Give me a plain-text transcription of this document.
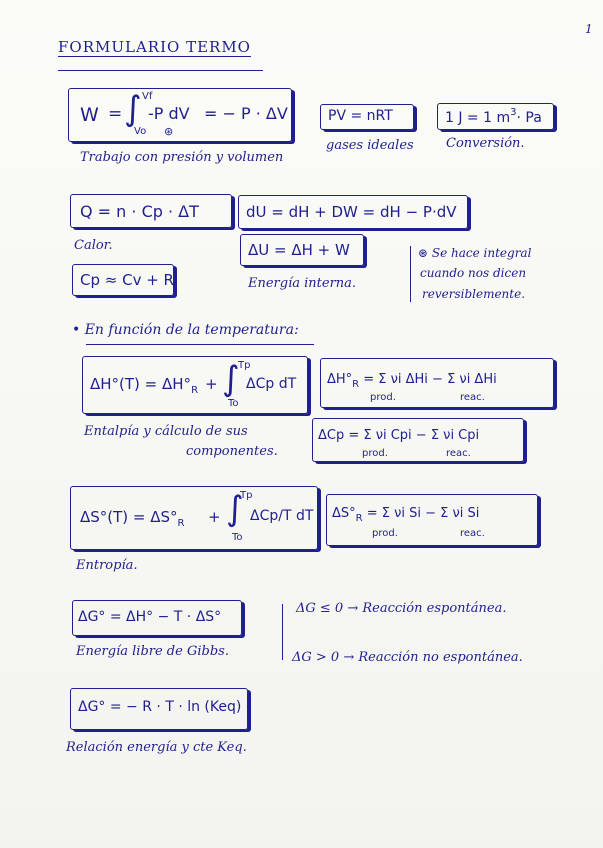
1
FORMULARIO TERMO
W = ∫ Vf
Vo
-P dV
⊛
= − P · ΔV
Trabajo con presión y volumen
PV = nRT
gases ideales
1 J = 1 $m^3\cdot Pa$
Conversión.
Q = n · Cp · ΔT
Calor.
Cp ≈ Cv + R
dU = dH + DW = dH − P·dV
ΔU = ΔH + W
Energía interna.
⊛ Se hace integral
cuando nos dicen
reversiblemente.
• En función de la temperatura:
$\Delta H^\circ(T) = \Delta H^\circ_R$ + ∫
Tp
To
ΔCp dT
Entalpía y cálculo de sus
componentes.
$\Delta H^\circ_R = \Sigma$ νi ΔHi − Σ νi ΔHi
prod.	reac.
ΔCp = Σ νi Cpi − Σ νi Cpi
prod.	reac.
$\Delta S^\circ(T) = \Delta S^\circ_R$ + ∫
Tp
To
ΔCp/T dT
Entropía.
$\Delta S^\circ_R = \Sigma$ νi Si − Σ νi Si
prod.	reac.
ΔG° = ΔH° − T · ΔS°
Energía libre de Gibbs.
ΔG ≤ 0 → Reacción espontánea.
ΔG > 0 → Reacción no espontánea.
ΔG° = − R · T · ln (Keq)
Relación energía y cte Keq.
